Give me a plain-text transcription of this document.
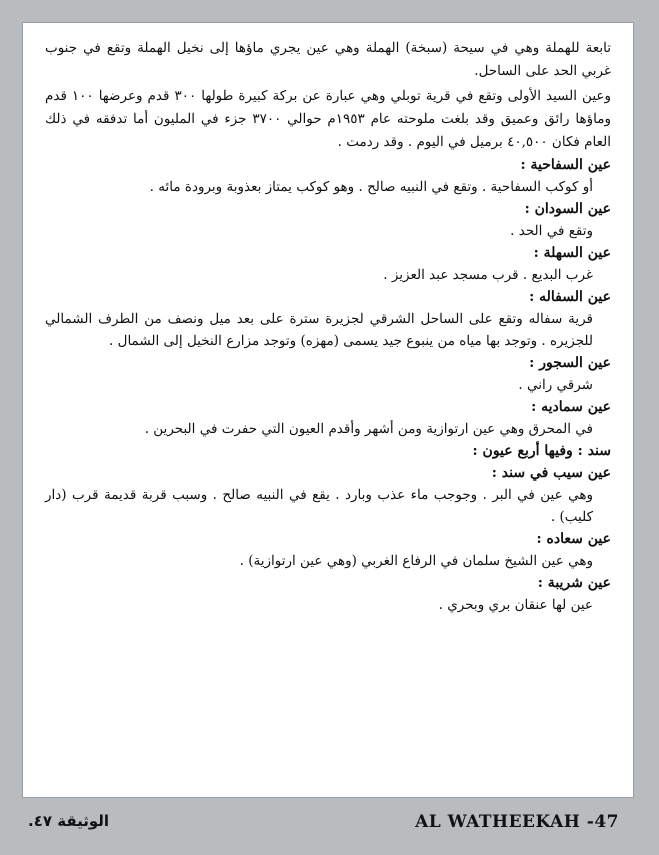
تابعة للهملة وهي في سيحة (سبخة) الهملة وهي عين يجري ماؤها إلى نخيل الهملة وتقع في جنوب غربي الحد على الساحل.

وعين السيد الأولى وتقع في قرية توبلي وهي عبارة عن بركة كبيرة طولها ٣٠٠ قدم وعرضها ١٠٠ قدم وماؤها رائق وعميق وقد بلغت ملوحته عام ١٩٥٣م حوالي ٣٧٠٠ جزء في المليون أما تدفقه في ذلك العام فكان ٤٠,٥٠٠ برميل في اليوم . وقد ردمت .

عين السفاحية :

أو كوكب السفاحية . وتقع في النبيه صالح . وهو كوكب يمتاز بعذوبة وبرودة مائه .

عين السودان :

وتقع في الحد .

عين السهلة :

غرب البديع . قرب مسجد عبد العزيز .

عين السفاله :

قرية سفاله وتقع على الساحل الشرقي لجزيرة سترة على بعد ميل ونصف من الطرف الشمالي للجزيره . وتوجد بها مياه من ينبوع جيد يسمى (مهزه) وتوجد مزارع النخيل إلى الشمال .

عين السجور :

شرقي راني .

عين سماديه :

في المحرق وهي عين ارتوازية ومن أشهر وأقدم العيون التي حفرت في البحرين .

سند : وفيها أربع عيون :

عين سيب في سند :

وهي عين في البر . وجوجب ماء عذب وبارد . يقع في النبيه صالح . وسبب قربة قديمة قرب (دار كليب) .

عين سعاده :

وهي عين الشيخ سلمان في الرفاع الغربي (وهي عين ارتوازية) .

عين شريبة :

عين لها عنقان بري وبحري .

AL WATHEEKAH -47
الوثيقة ٤٧.
